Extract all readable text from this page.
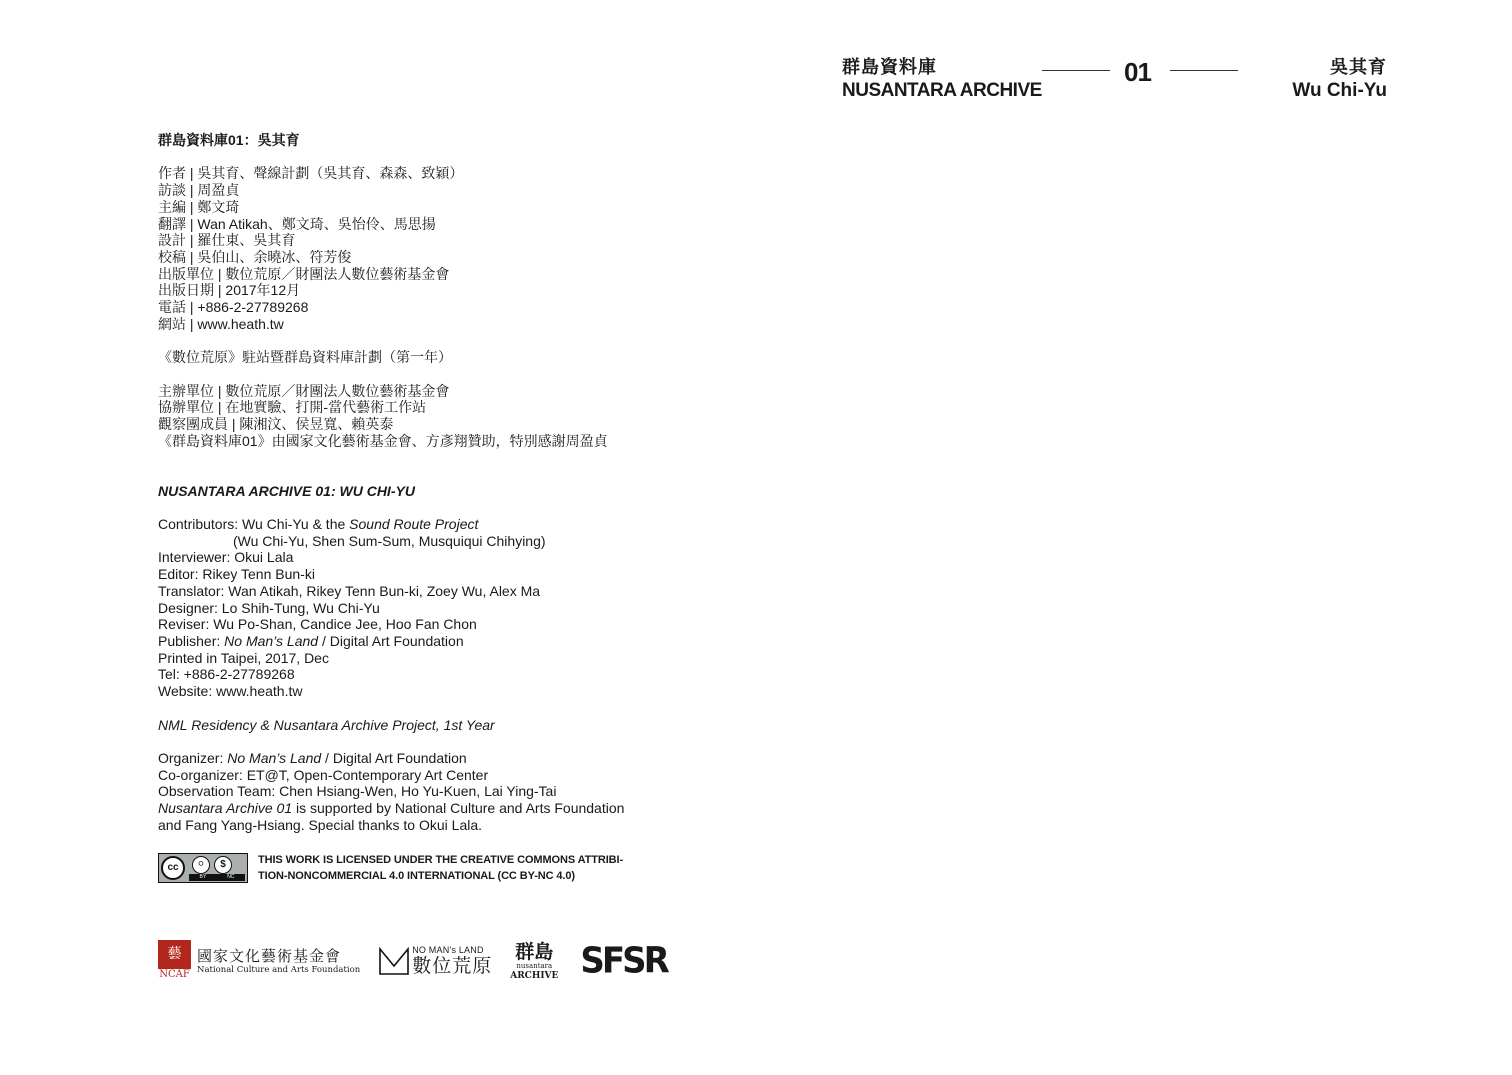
群島資料庫
NUSANTARA ARCHIVE
01	吳其育
Wu Chi-Yu

群島資料庫01：吳其育

作者 | 吳其育、聲線計劃（吳其育、森森、致穎）

訪談 | 周盈貞

主編 | 鄭文琦

翻譯 | Wan Atikah、鄭文琦、吳怡伶、馬思揚

設計 | 羅仕東、吳其育

校稿 | 吳伯山、余曉冰、符芳俊

出版單位 | 數位荒原／財團法人數位藝術基金會

出版日期 | 2017年12月

電話 | +886-2-27789268

網站 | www.heath.tw

《數位荒原》駐站暨群島資料庫計劃（第一年）

主辦單位 | 數位荒原／財團法人數位藝術基金會

協辦單位 | 在地實驗、打開-當代藝術工作站

觀察團成員 | 陳湘汶、侯昱寬、賴英泰

《群島資料庫01》由國家文化藝術基金會、方彥翔贊助，特別感謝周盈貞

NUSANTARA ARCHIVE 01: WU CHI-YU

Contributors: Wu Chi-Yu & the Sound Route Project

(Wu Chi-Yu, Shen Sum-Sum, Musquiqui Chihying)

Interviewer: Okui Lala

Editor: Rikey Tenn Bun-ki

Translator: Wan Atikah, Rikey Tenn Bun-ki, Zoey Wu, Alex Ma

Designer: Lo Shih-Tung, Wu Chi-Yu

Reviser: Wu Po-Shan, Candice Jee, Hoo Fan Chon

Publisher: No Man’s Land / Digital Art Foundation

Printed in Taipei, 2017, Dec

Tel: +886-2-27789268

Website: www.heath.tw

NML Residency & Nusantara Archive Project, 1st Year

Organizer: No Man’s Land / Digital Art Foundation

Co-organizer: ET@T, Open-Contemporary Art Center

Observation Team: Chen Hsiang-Wen, Ho Yu-Kuen, Lai Ying-Tai

Nusantara Archive 01 is supported by National Culture and Arts Foundation

and Fang Yang-Hsiang. Special thanks to Okui Lala.

cc	⚪	$
BY	NC
THIS WORK IS LICENSED UNDER THE CREATIVE COMMONS ATTRIBI-
TION-NONCOMMERCIAL 4.0 INTERNATIONAL (CC BY-NC 4.0)
藝
NCAF
國家文化藝術基金會
National Culture and Arts Foundation
NO MAN’s LAND
數位荒原
群島
nusantara
ARCHIVE SFSR
